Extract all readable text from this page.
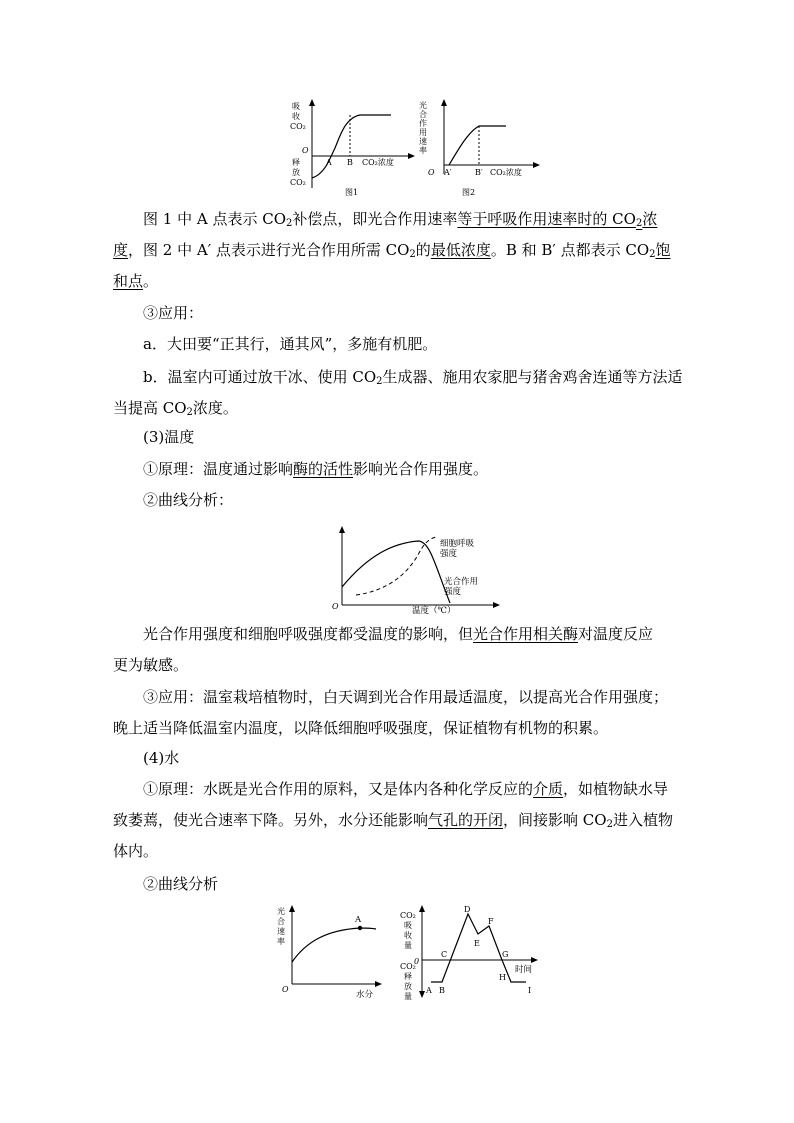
吸
收
CO₂
释
放
CO₂
O
A B CO₂浓度
图1
光
合
作
用
速
率
O A′	B′ CO₂浓度
图2

图 1 中 A 点表示 $CO_2$补偿点，即光合作用速率等于呼吸作用速率时的 $CO_2$浓度，图 2 中 A′ 点表示进行光合作用所需 $CO_2$的最低浓度。B 和 B′ 点都表示 $CO_2$饱和点。

③应用：

a．大田要“正其行，通其风”，多施有机肥。

b．温室内可通过放干冰、使用 $CO_2$生成器、施用农家肥与猪舍鸡舍连通等方法适当提高 $CO_2$浓度。

(3)温度

①原理：温度通过影响酶的活性影响光合作用强度。

②曲线分析：

细胞呼吸
强度
光合作用
强度
O	温度（℃）

光合作用强度和细胞呼吸强度都受温度的影响，但光合作用相关酶对温度反应
更为敏感。

③应用：温室栽培植物时，白天调到光合作用最适温度，以提高光合作用强度；晚上适当降低温室内温度，以降低细胞呼吸强度，保证植物有机物的积累。

(4)水

①原理：水既是光合作用的原料，又是体内各种化学反应的介质，如植物缺水导致萎蔫，使光合速率下降。另外，水分还能影响气孔的开闭，间接影响 $CO_2$进入植物体内。

②曲线分析

A
光
合
速
率
O
水分
CO₂
吸
收
量
CO₂
释
放
量
0
A B
C
D
E
F
G
H
I
时间
